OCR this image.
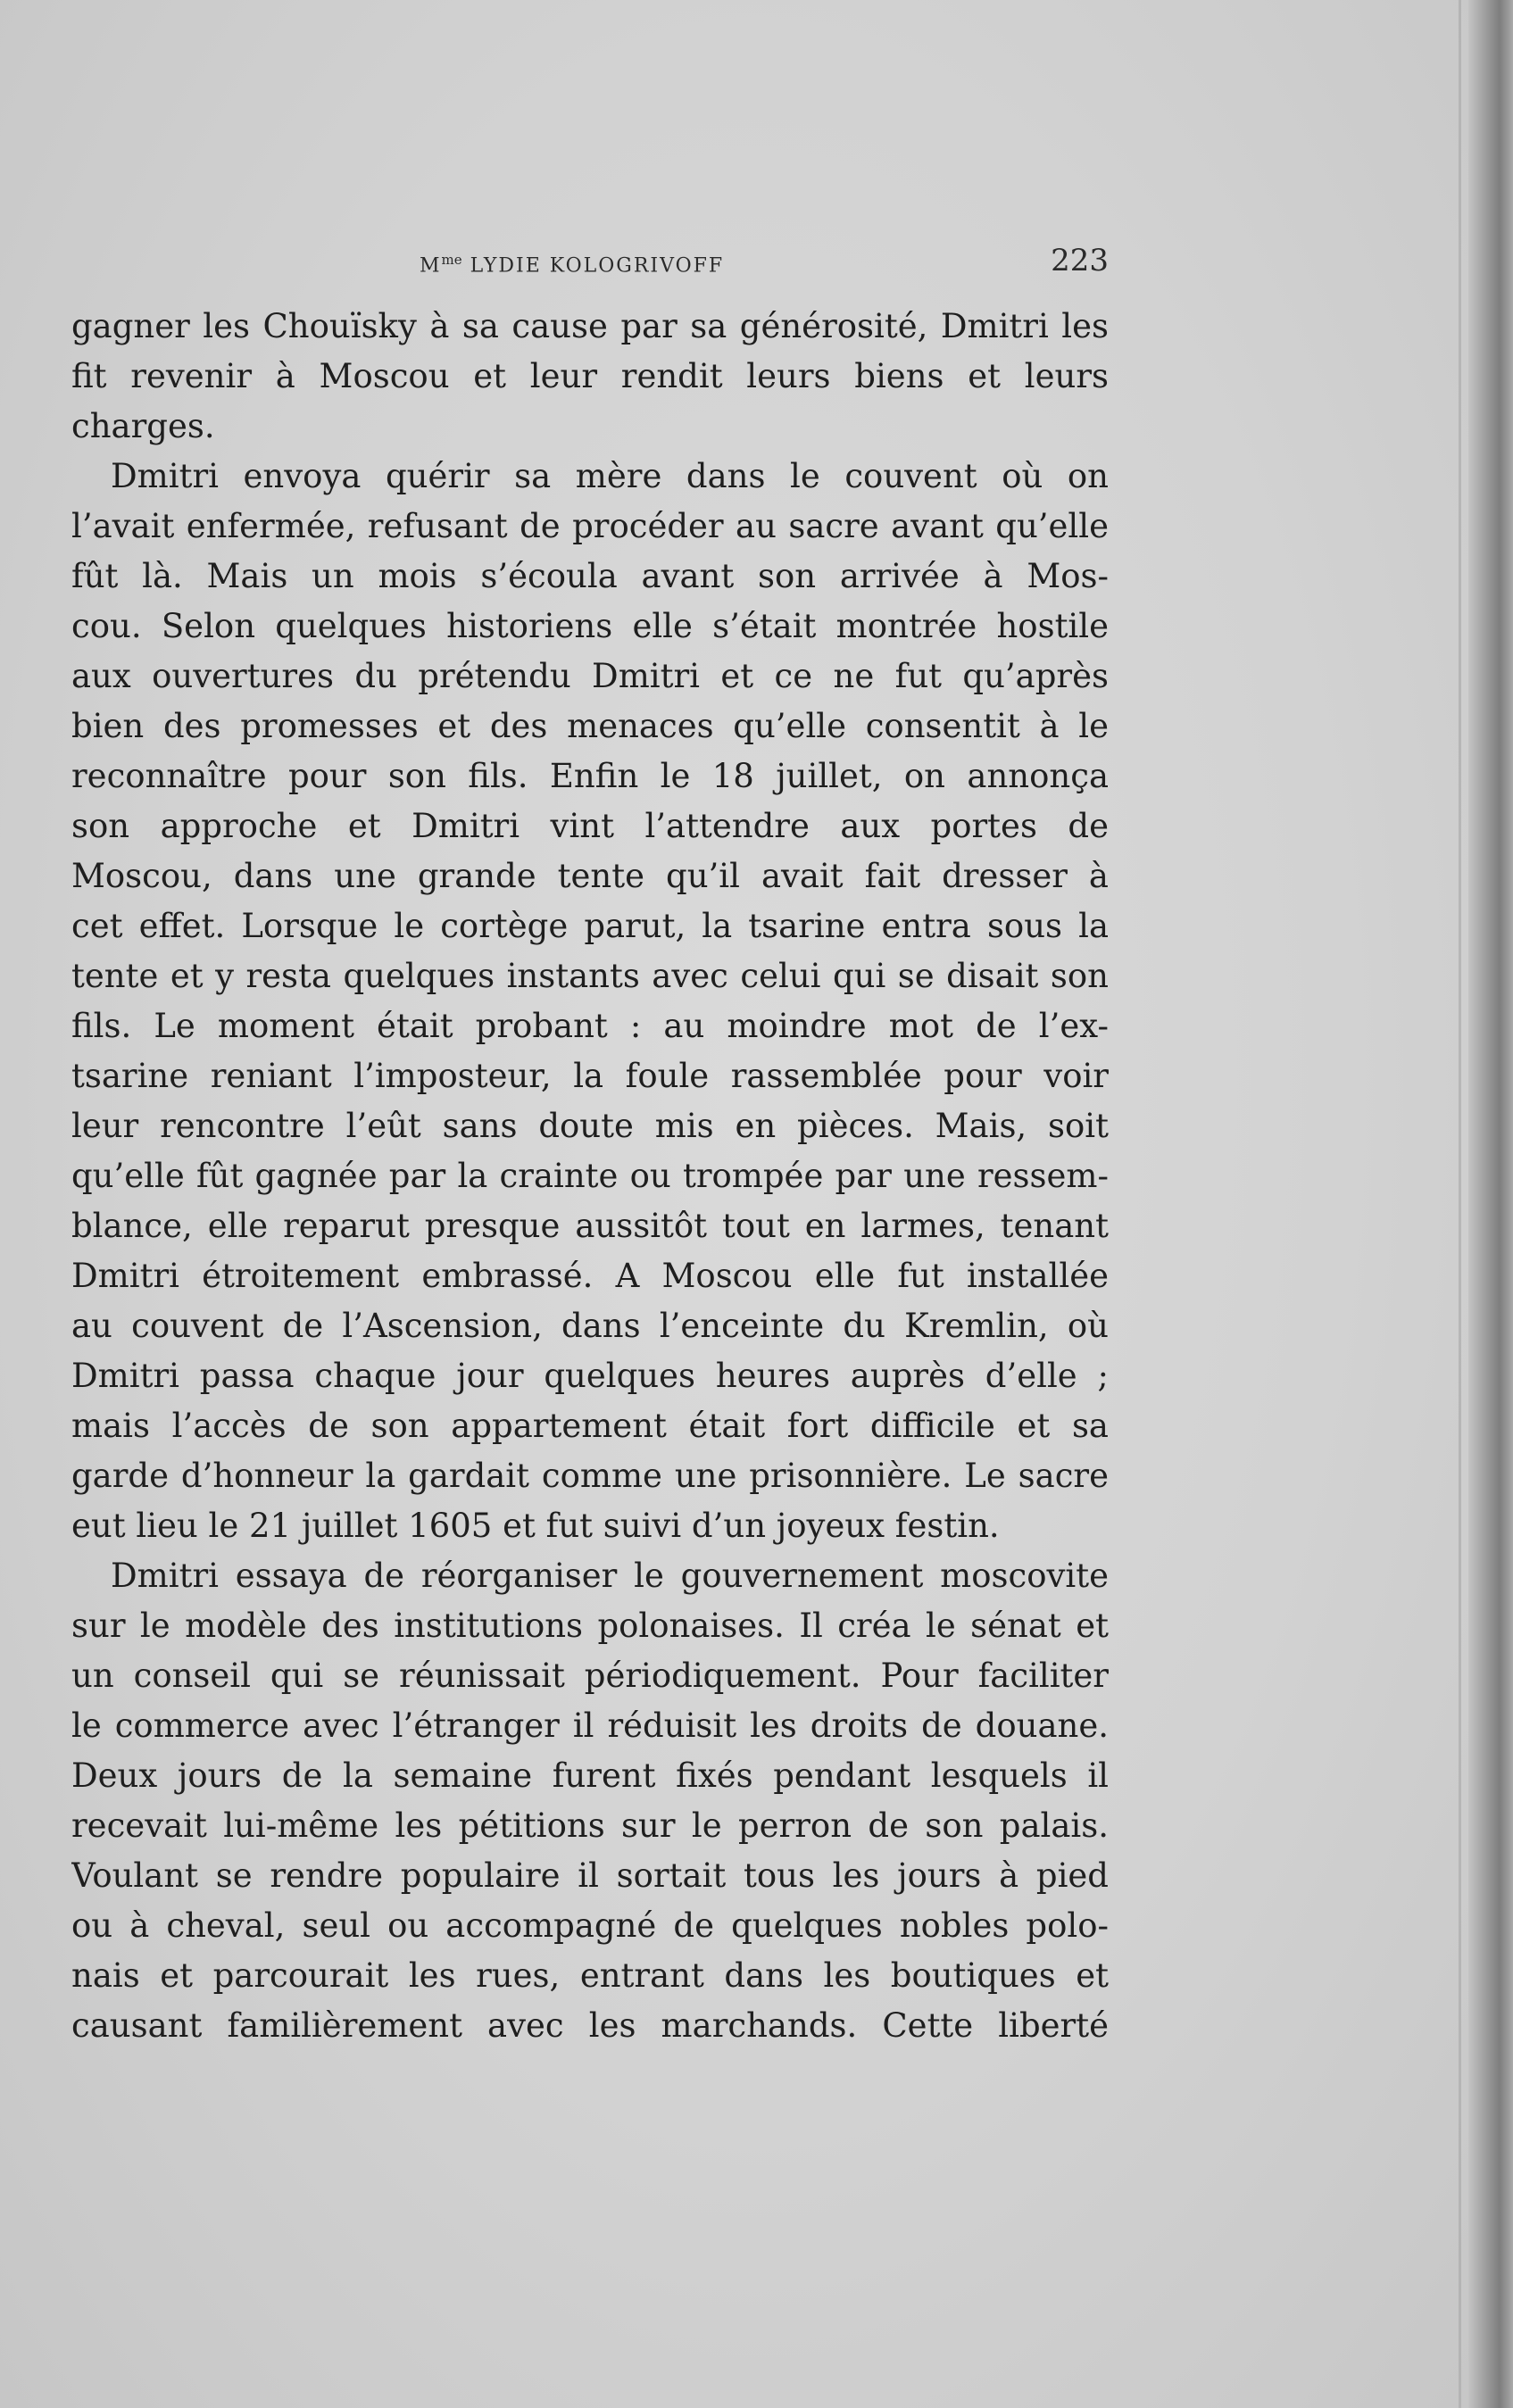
$M^{me}$ LYDIE KOLOGRIVOFF	223
gagner les Chouïsky à sa cause par sa générosité, Dmitri les
fit revenir à Moscou et leur rendit leurs biens et leurs
charges.
Dmitri envoya quérir sa mère dans le couvent où on
l’avait enfermée, refusant de procéder au sacre avant qu’elle
fût là. Mais un mois s’écoula avant son arrivée à Mos-
cou. Selon quelques historiens elle s’était montrée hostile
aux ouvertures du prétendu Dmitri et ce ne fut qu’après
bien des promesses et des menaces qu’elle consentit à le
reconnaître pour son fils. Enfin le 18 juillet, on annonça
son approche et Dmitri vint l’attendre aux portes de
Moscou, dans une grande tente qu’il avait fait dresser à
cet effet. Lorsque le cortège parut, la tsarine entra sous la
tente et y resta quelques instants avec celui qui se disait son
fils. Le moment était probant : au moindre mot de l’ex-
tsarine reniant l’imposteur, la foule rassemblée pour voir
leur rencontre l’eût sans doute mis en pièces. Mais, soit
qu’elle fût gagnée par la crainte ou trompée par une ressem-
blance, elle reparut presque aussitôt tout en larmes, tenant
Dmitri étroitement embrassé. A Moscou elle fut installée
au couvent de l’Ascension, dans l’enceinte du Kremlin, où
Dmitri passa chaque jour quelques heures auprès d’elle ;
mais l’accès de son appartement était fort difficile et sa
garde d’honneur la gardait comme une prisonnière. Le sacre
eut lieu le 21 juillet 1605 et fut suivi d’un joyeux festin.
Dmitri essaya de réorganiser le gouvernement moscovite
sur le modèle des institutions polonaises. Il créa le sénat et
un conseil qui se réunissait périodiquement. Pour faciliter
le commerce avec l’étranger il réduisit les droits de douane.
Deux jours de la semaine furent fixés pendant lesquels il
recevait lui-même les pétitions sur le perron de son palais.
Voulant se rendre populaire il sortait tous les jours à pied
ou à cheval, seul ou accompagné de quelques nobles polo-
nais et parcourait les rues, entrant dans les boutiques et
causant familièrement avec les marchands. Cette liberté
